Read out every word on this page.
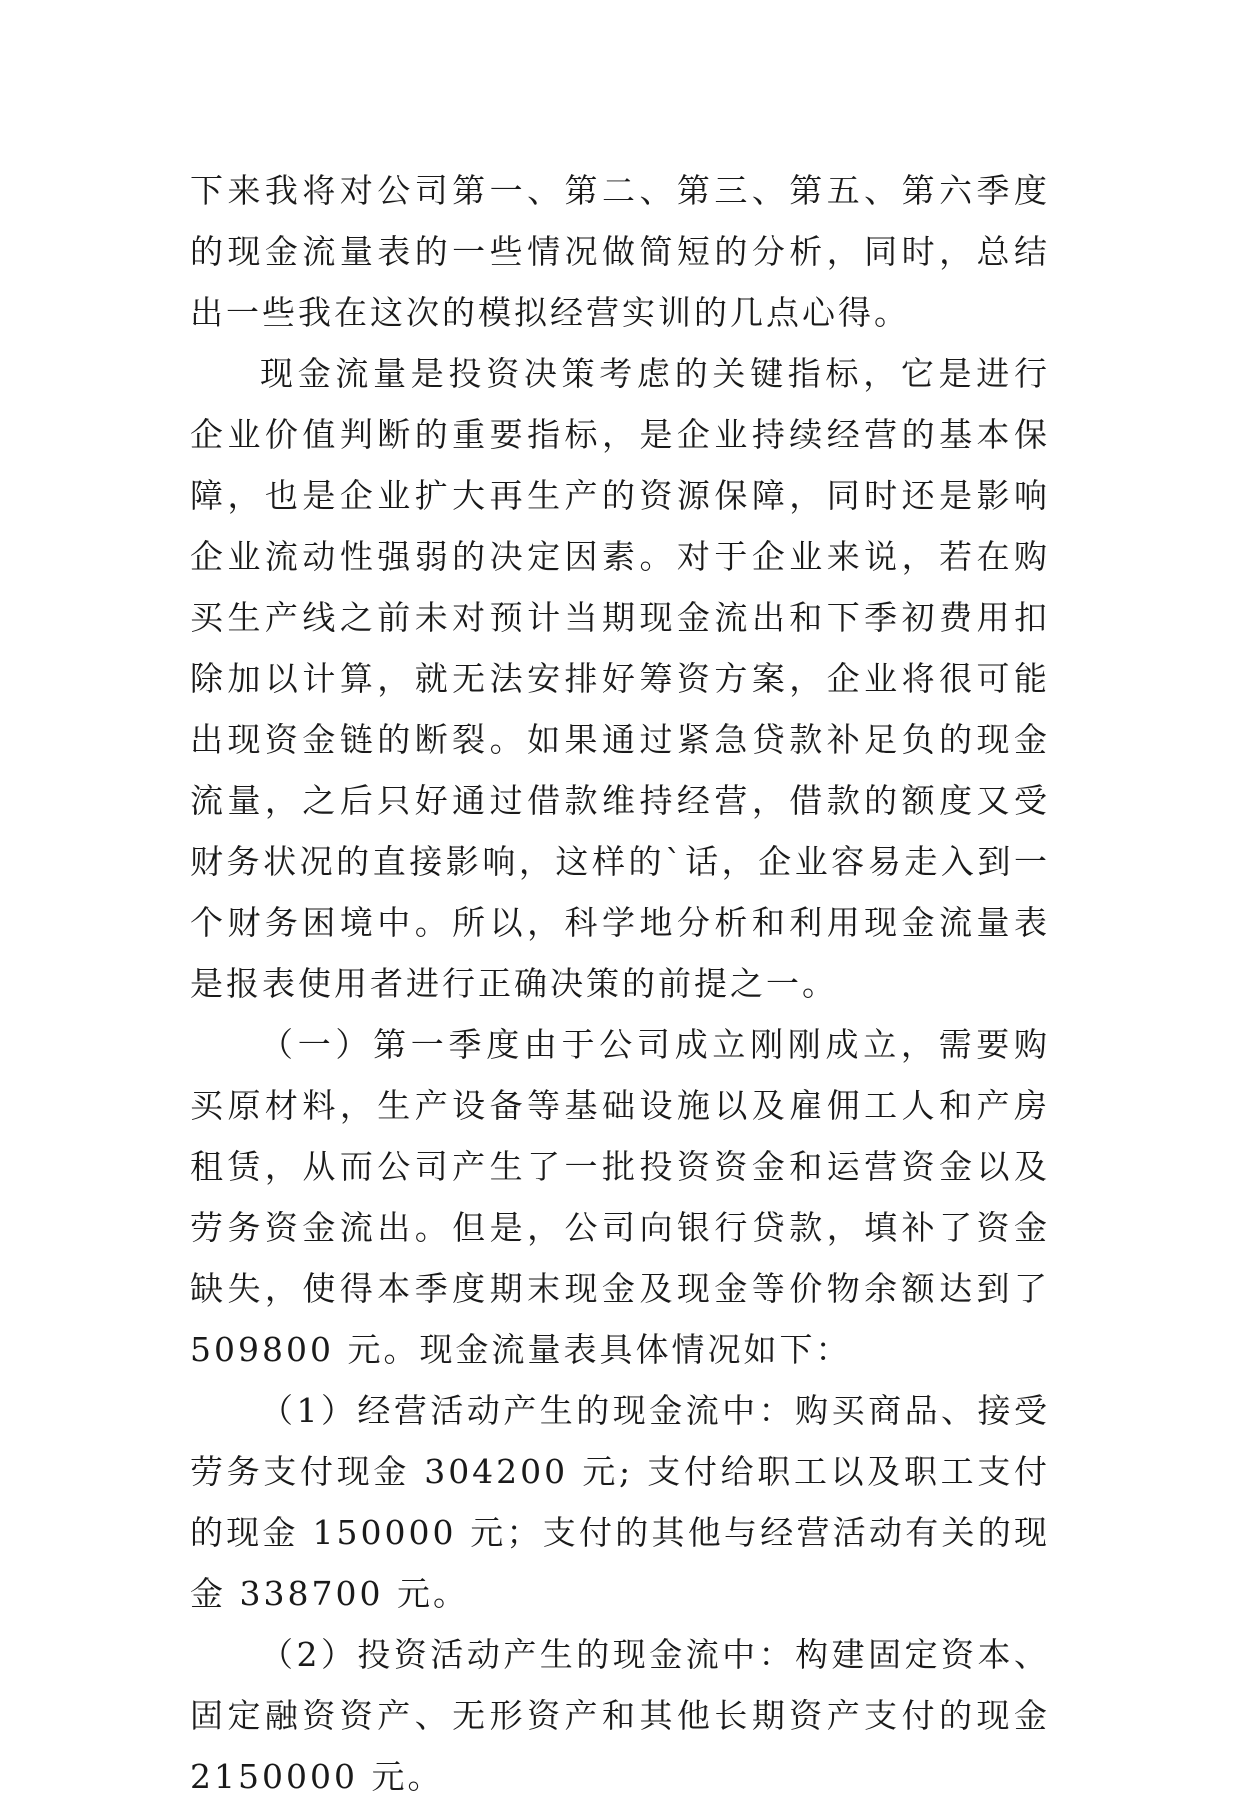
下来我将对公司第一、第二、第三、第五、第六季度的现金流量表的一些情况做简短的分析，同时，总结出一些我在这次的模拟经营实训的几点心得。

现金流量是投资决策考虑的关键指标，它是进行企业价值判断的重要指标，是企业持续经营的基本保障，也是企业扩大再生产的资源保障，同时还是影响企业流动性强弱的决定因素。对于企业来说，若在购买生产线之前未对预计当期现金流出和下季初费用扣除加以计算，就无法安排好筹资方案，企业将很可能出现资金链的断裂。如果通过紧急贷款补足负的现金流量，之后只好通过借款维持经营，借款的额度又受财务状况的直接影响，这样的`话，企业容易走入到一个财务困境中。所以，科学地分析和利用现金流量表是报表使用者进行正确决策的前提之一。

（一）第一季度由于公司成立刚刚成立，需要购买原材料，生产设备等基础设施以及雇佣工人和产房租赁，从而公司产生了一批投资资金和运营资金以及劳务资金流出。但是，公司向银行贷款，填补了资金缺失，使得本季度期末现金及现金等价物余额达到了 509800 元。现金流量表具体情况如下：

（1）经营活动产生的现金流中：购买商品、接受劳务支付现金 304200 元; 支付给职工以及职工支付的现金 150000 元；支付的其他与经营活动有关的现金 338700 元。

（2）投资活动产生的现金流中：构建固定资本、固定融资资产、无形资产和其他长期资产支付的现金 2150000 元。
